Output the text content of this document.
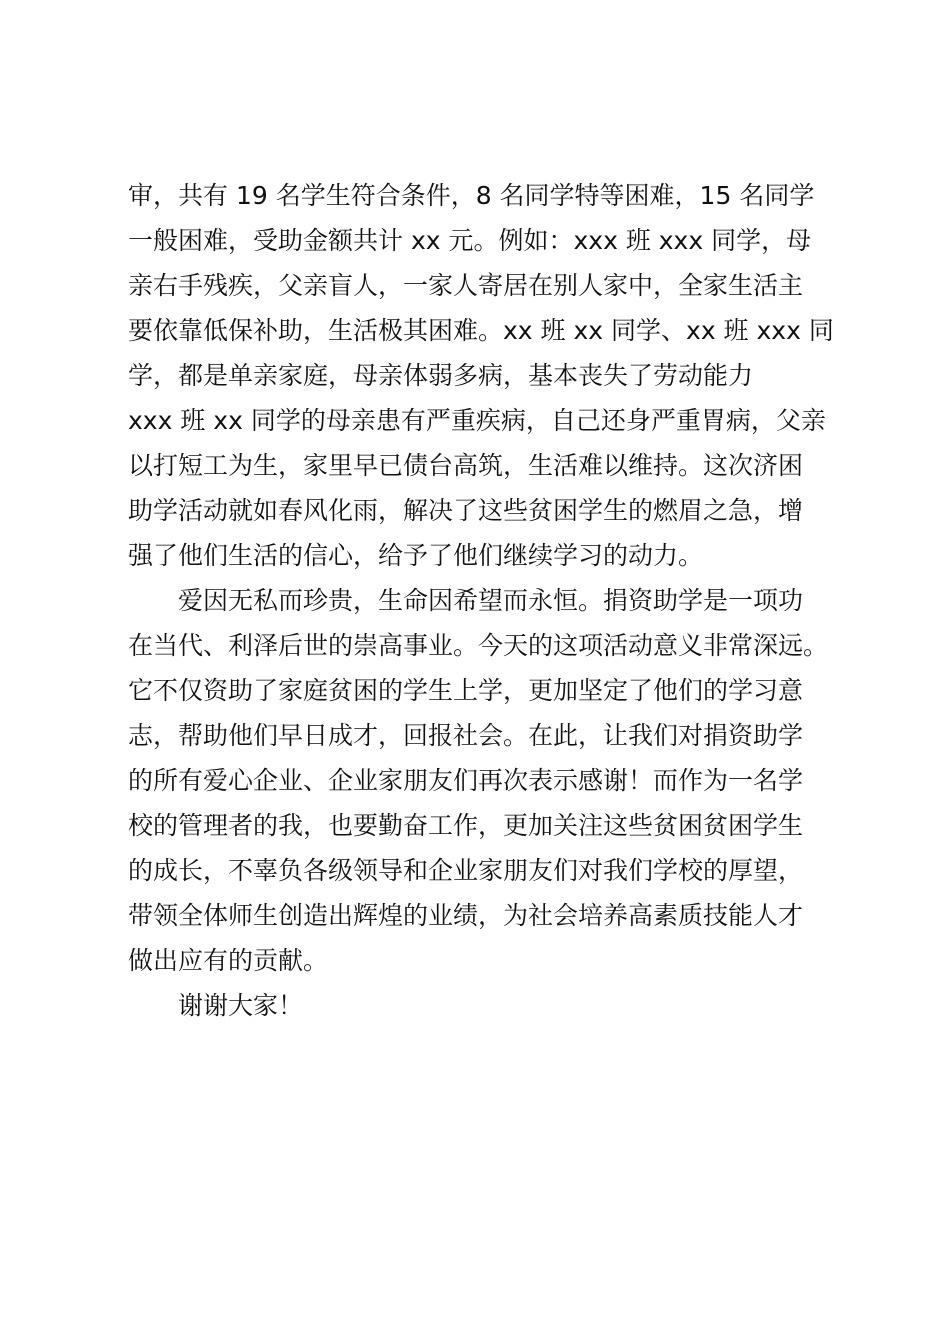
审，共有 19 名学生符合条件，8 名同学特等困难，15 名同学
一般困难，受助金额共计 xx 元。例如：xxx 班 xxx 同学，母
亲右手残疾，父亲盲人，一家人寄居在别人家中，全家生活主
要依靠低保补助，生活极其困难。xx 班 xx 同学、xx 班 xxx 同
学，都是单亲家庭，母亲体弱多病，基本丧失了劳动能力
xxx 班 xx 同学的母亲患有严重疾病，自己还身严重胃病，父亲
以打短工为生，家里早已债台高筑，生活难以维持。这次济困
助学活动就如春风化雨，解决了这些贫困学生的燃眉之急，增
强了他们生活的信心，给予了他们继续学习的动力。
爱因无私而珍贵，生命因希望而永恒。捐资助学是一项功
在当代、利泽后世的崇高事业。今天的这项活动意义非常深远。
它不仅资助了家庭贫困的学生上学，更加坚定了他们的学习意
志，帮助他们早日成才，回报社会。在此，让我们对捐资助学
的所有爱心企业、企业家朋友们再次表示感谢！而作为一名学
校的管理者的我，也要勤奋工作，更加关注这些贫困贫困学生
的成长，不辜负各级领导和企业家朋友们对我们学校的厚望，
带领全体师生创造出辉煌的业绩，为社会培养高素质技能人才
做出应有的贡献。
谢谢大家！
